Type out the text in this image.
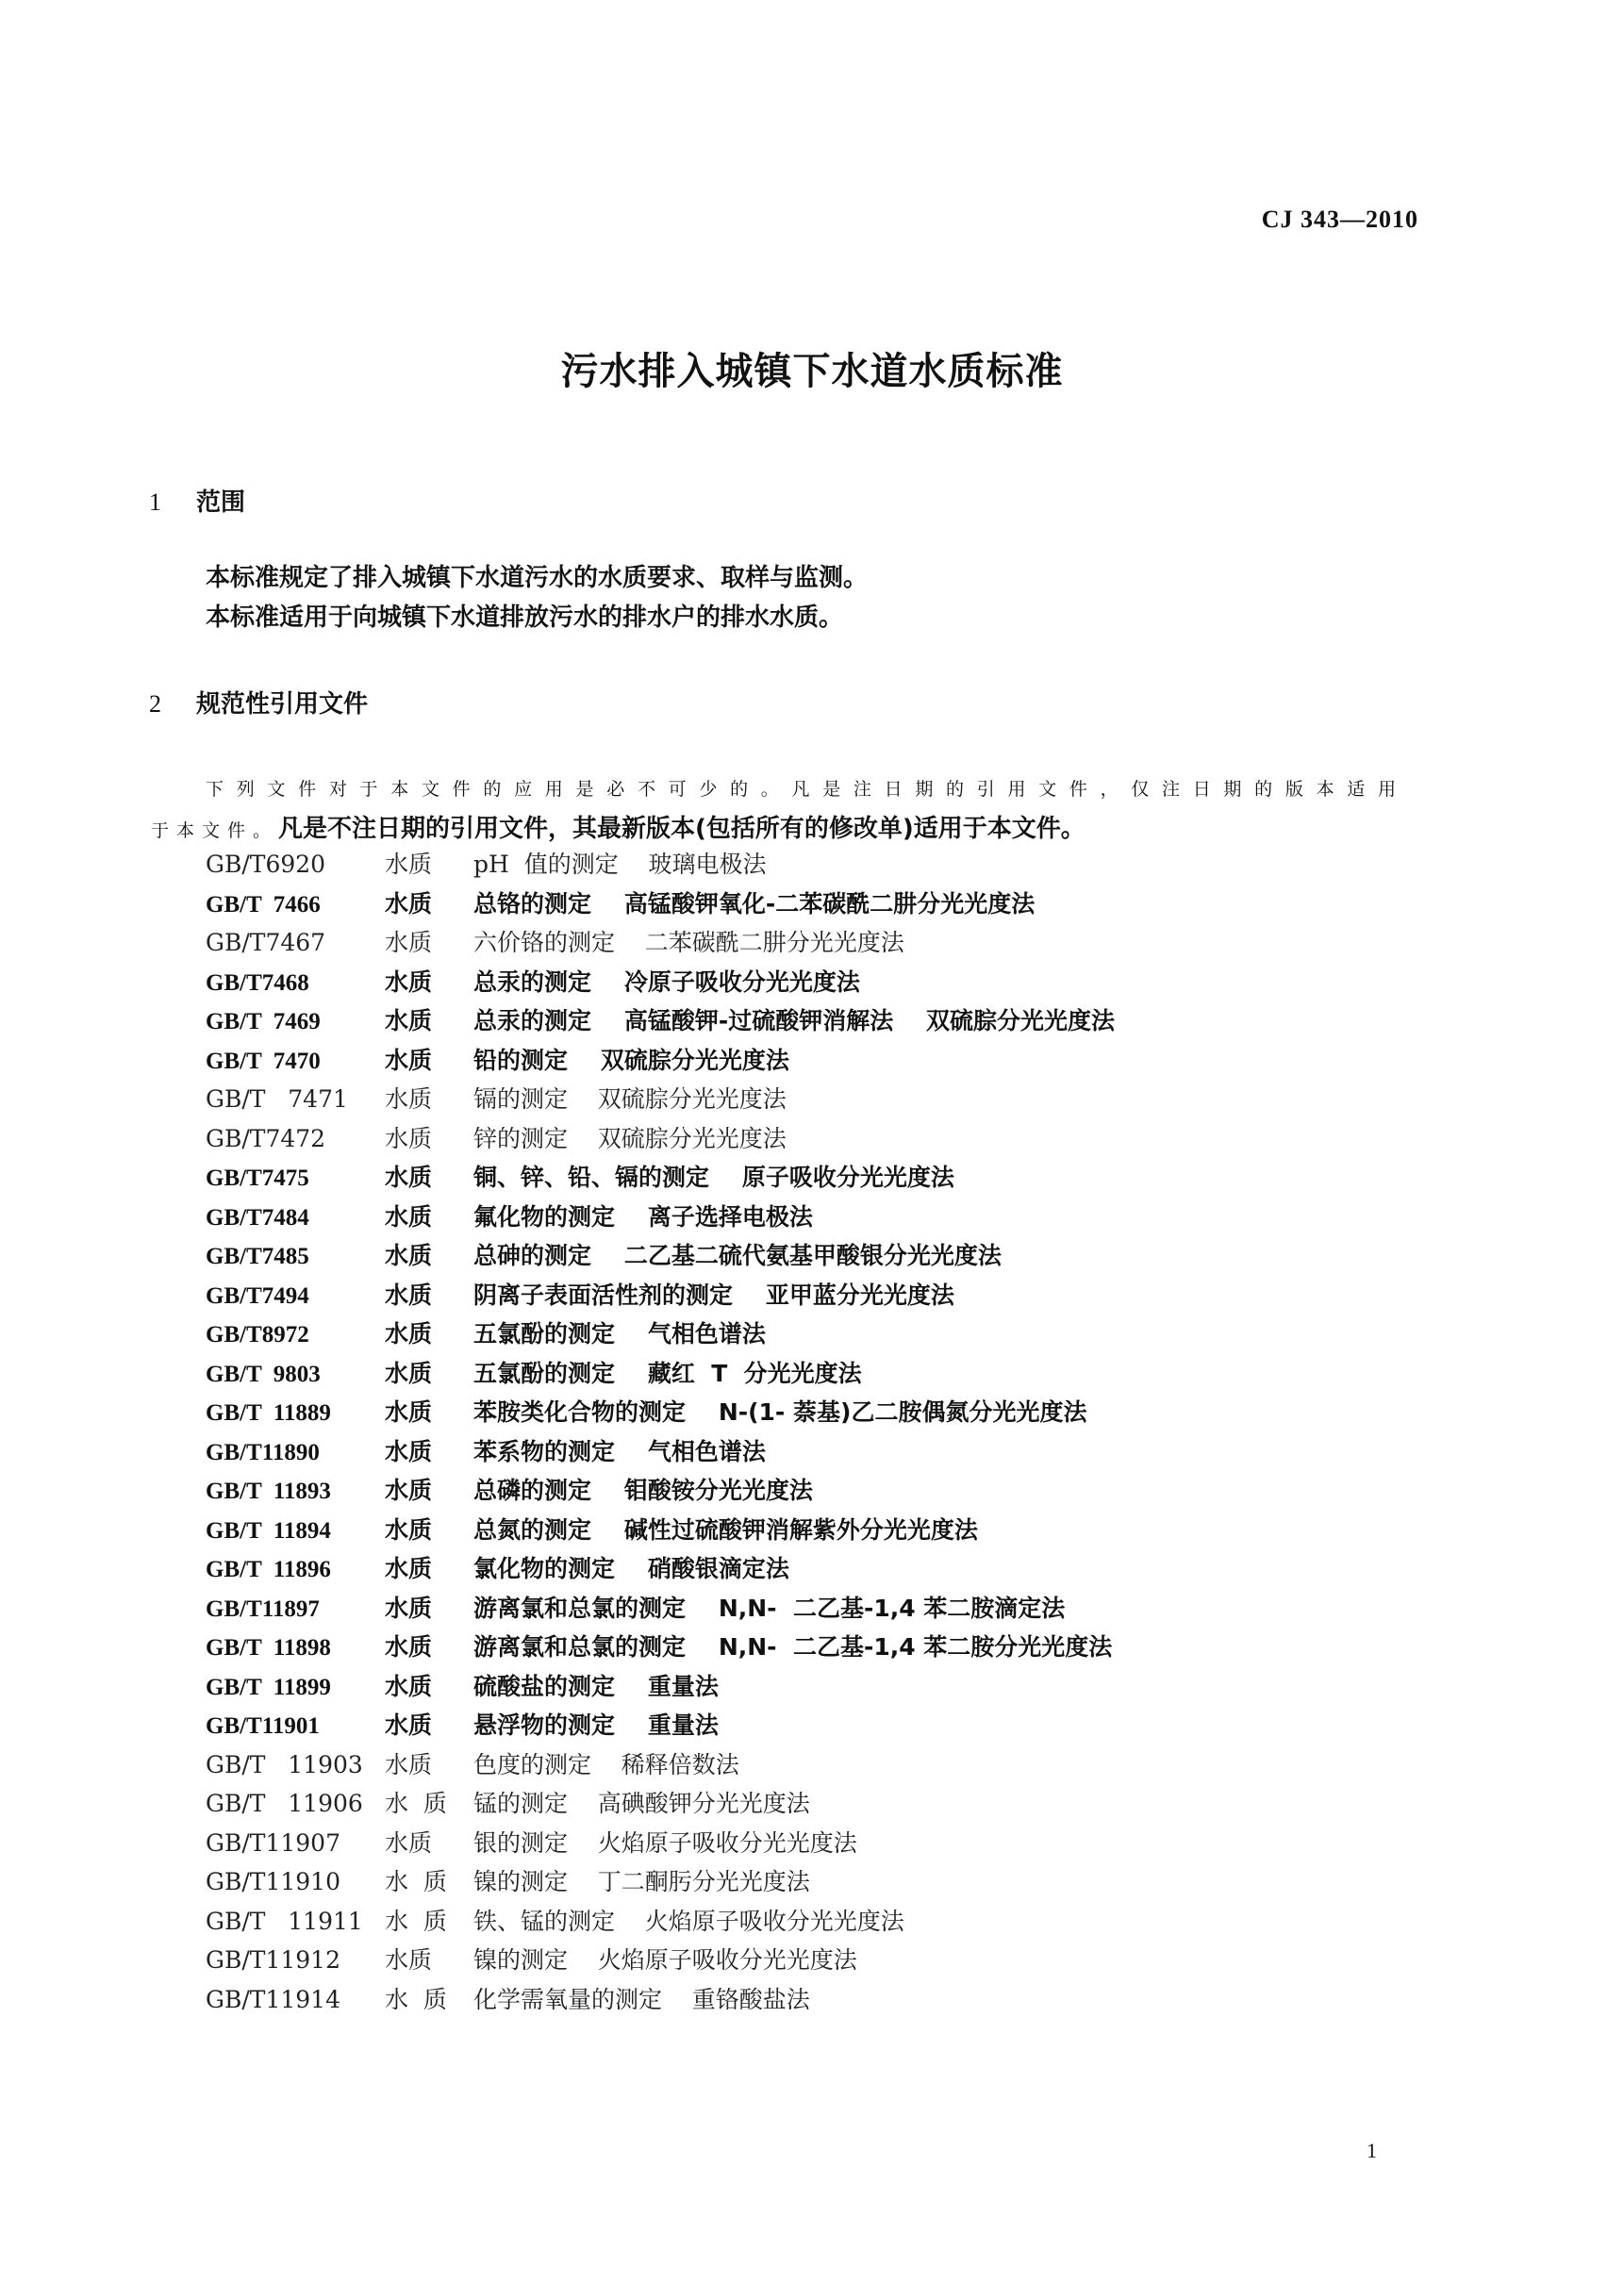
CJ 343—2010
污水排入城镇下水道水质标准
1 范围
本标准规定了排入城镇下水道污水的水质要求、取样与监测。
本标准适用于向城镇下水道排放污水的排水户的排水水质。
2 规范性引用文件
下列文件对于本文件的应用是必不可少的。凡是注日期的引用文件，仅注日期的版本适用
于本文件。凡是不注日期的引用文件，其最新版本(包括所有的修改单)适用于本文件。
GB/T6920	水质 pH  值的测定    玻璃电极法
GB/T  7466	水质 总铬的测定    高锰酸钾氧化-二苯碳酰二肼分光光度法
GB/T7467	水质 六价铬的测定    二苯碳酰二肼分光光度法
GB/T7468	水质 总汞的测定    冷原子吸收分光光度法
GB/T  7469	水质 总汞的测定    高锰酸钾-过硫酸钾消解法    双硫腙分光光度法
GB/T  7470	水质 铅的测定    双硫腙分光光度法
GB/T   7471 水质 镉的测定    双硫腙分光光度法
GB/T7472	水质 锌的测定    双硫腙分光光度法
GB/T7475	水质 铜、锌、铅、镉的测定    原子吸收分光光度法
GB/T7484	水质 氟化物的测定    离子选择电极法
GB/T7485	水质 总砷的测定    二乙基二硫代氨基甲酸银分光光度法
GB/T7494	水质 阴离子表面活性剂的测定    亚甲蓝分光光度法
GB/T8972	水质 五氯酚的测定    气相色谱法
GB/T  9803	水质 五氯酚的测定    藏红  T  分光光度法
GB/T  11889 水质 苯胺类化合物的测定    N-(1- 萘基)乙二胺偶氮分光光度法
GB/T11890	水质 苯系物的测定    气相色谱法
GB/T  11893 水质 总磷的测定    钼酸铵分光光度法
GB/T  11894 水质 总氮的测定    碱性过硫酸钾消解紫外分光光度法
GB/T  11896 水质 氯化物的测定    硝酸银滴定法
GB/T11897	水质 游离氯和总氯的测定    N,N-  二乙基-1,4 苯二胺滴定法
GB/T  11898 水质 游离氯和总氯的测定    N,N-  二乙基-1,4 苯二胺分光光度法
GB/T  11899 水质 硫酸盐的测定    重量法
GB/T11901	水质 悬浮物的测定    重量法
GB/T   11903 水质 色度的测定    稀释倍数法
GB/T   11906 水  质 锰的测定    高碘酸钾分光光度法
GB/T11907 水质 银的测定    火焰原子吸收分光光度法
GB/T11910 水  质 镍的测定    丁二酮肟分光光度法
GB/T   11911 水  质 铁、锰的测定    火焰原子吸收分光光度法
GB/T11912 水质 镍的测定    火焰原子吸收分光光度法
GB/T11914 水  质 化学需氧量的测定    重铬酸盐法
1
